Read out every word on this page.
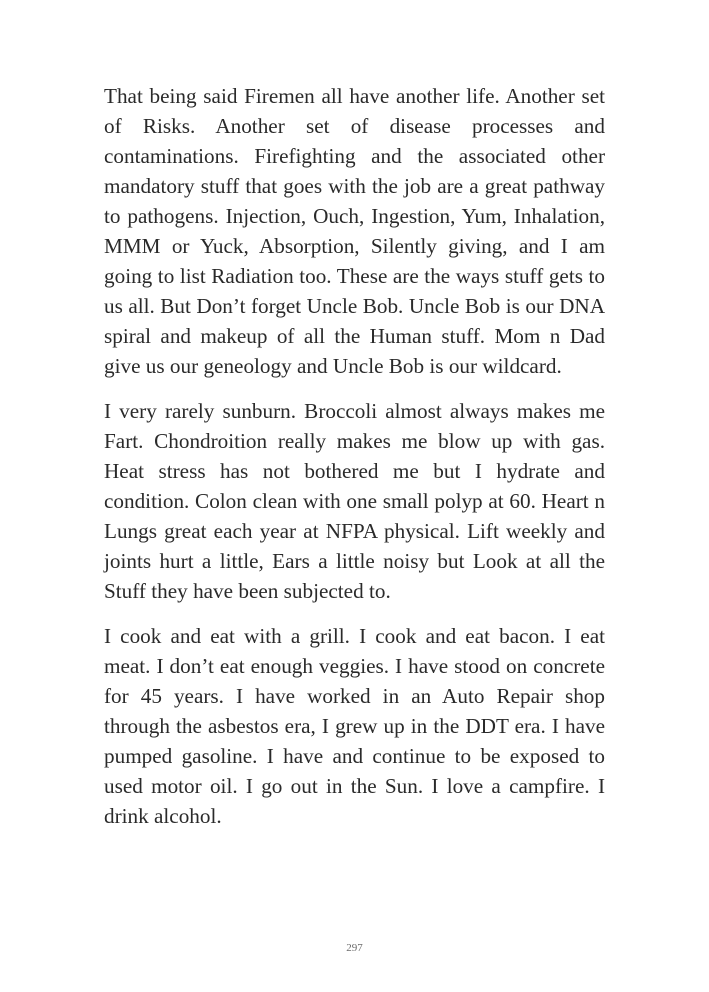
That being said Firemen all have another life. Another set of Risks. Another set of disease processes and contaminations. Firefighting and the associated other mandatory stuff that goes with the job are a great pathway to pathogens. Injection, Ouch, Ingestion, Yum, Inhalation, MMM or Yuck, Absorption, Silently giving, and I am going to list Radiation too. These are the ways stuff gets to us all. But Don’t forget Uncle Bob. Uncle Bob is our DNA spiral and makeup of all the Human stuff. Mom n Dad give us our geneology and Uncle Bob is our wildcard.

I very rarely sunburn. Broccoli almost always makes me Fart. Chondroition really makes me blow up with gas. Heat stress has not bothered me but I hydrate and condition. Colon clean with one small polyp at 60. Heart n Lungs great each year at NFPA physical. Lift weekly and joints hurt a little, Ears a little noisy but Look at all the Stuff they have been subjected to.

I cook and eat with a grill. I cook and eat bacon. I eat meat. I don’t eat enough veggies. I have stood on concrete for 45 years. I have worked in an Auto Repair shop through the asbestos era, I grew up in the DDT era. I have pumped gasoline. I have and continue to be exposed to used motor oil. I go out in the Sun. I love a campfire. I drink alcohol.

297
